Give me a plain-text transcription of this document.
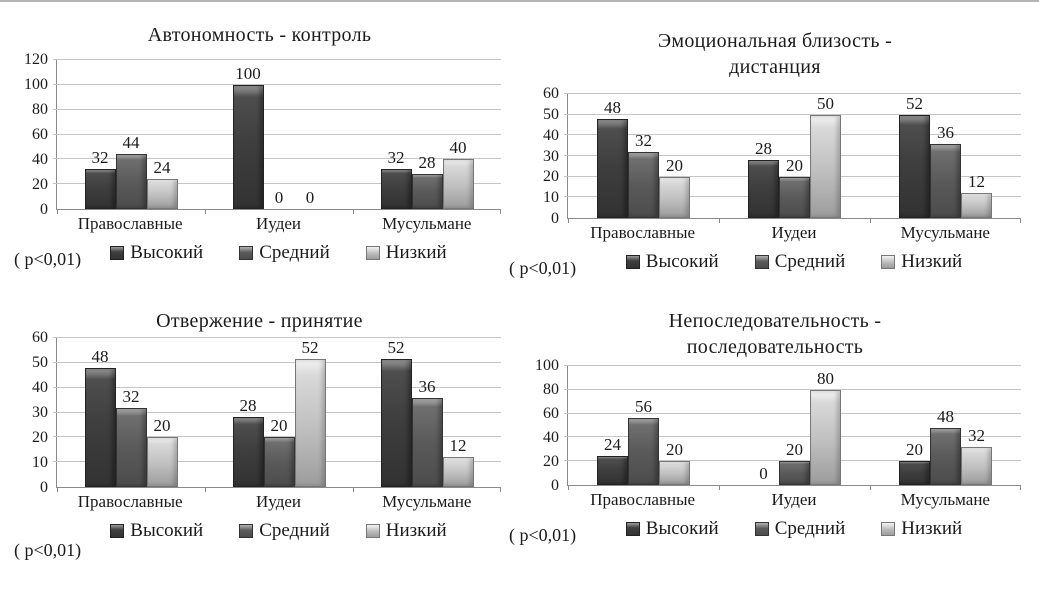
Автономность - контроль
0
20
40
60
80
100
120
32
44
24
100
0 0
32 28
40
Православные	Иудеи	Мусульмане
( p<0,01)	Высокий	Средний	Низкий
Эмоциональная близость - дистанция
0
10
20
30
40
50
60
48
32
20
28
20
50	52
36
12
Православные	Иудеи	Мусульмане
( p<0,01)	Высокий	Средний	Низкий
Отвержение - принятие
0
10
20
30
40
50
60
48
32
20
28
20
52	52
36
12
Православные	Иудеи	Мусульмане
( p<0,01)
Высокий	Средний	Низкий
Непоследовательность - последовательность
0
20
40
60
80
100
24
56
20
0
20
80
20
48
32
Православные	Иудеи	Мусульмане
( p<0,01)	Высокий	Средний	Низкий
